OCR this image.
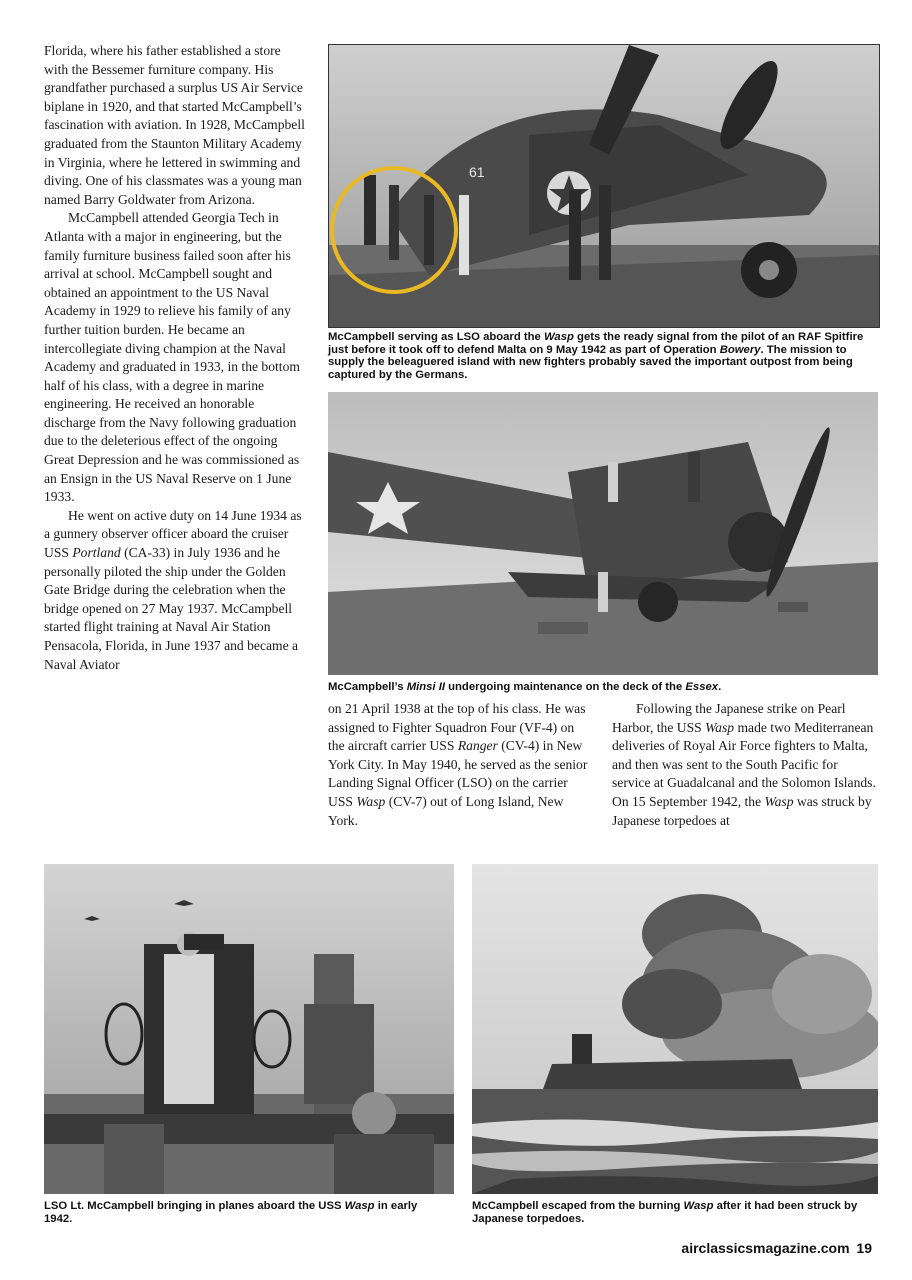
Florida, where his father established a store with the Bessemer furniture company. His grandfather purchased a surplus US Air Service biplane in 1920, and that started McCampbell’s fascination with aviation. In 1928, McCampbell graduated from the Staunton Military Academy in Virginia, where he lettered in swimming and diving. One of his classmates was a young man named Barry Goldwater from Arizona.

McCampbell attended Georgia Tech in Atlanta with a major in engineering, but the family furniture business failed soon after his arrival at school. McCampbell sought and obtained an appointment to the US Naval Academy in 1929 to relieve his family of any further tuition burden. He became an intercollegiate diving champion at the Naval Academy and graduated in 1933, in the bottom half of his class, with a degree in marine engineering. He received an honorable discharge from the Navy following graduation due to the deleterious effect of the ongoing Great Depression and he was commissioned as an Ensign in the US Naval Reserve on 1 June 1933.

He went on active duty on 14 June 1934 as a gunnery observer officer aboard the cruiser USS Portland (CA-33) in July 1936 and he personally piloted the ship under the Golden Gate Bridge during the celebration when the bridge opened on 27 May 1937. McCampbell started flight training at Naval Air Station Pensacola, Florida, in June 1937 and became a Naval Aviator

61
McCampbell serving as LSO aboard the Wasp gets the ready signal from the pilot of an RAF Spitfire just before it took off to defend Malta on 9 May 1942 as part of Operation Bowery. The mission to supply the beleaguered island with new fighters probably saved the important outpost from being captured by the Germans.
McCampbell’s Minsi II undergoing maintenance on the deck of the Essex.

on 21 April 1938 at the top of his class. He was assigned to Fighter Squadron Four (VF-4) on the aircraft carrier USS Ranger (CV-4) in New York City. In May 1940, he served as the senior Landing Signal Officer (LSO) on the carrier USS Wasp (CV-7) out of Long Island, New York.

Following the Japanese strike on Pearl Harbor, the USS Wasp made two Mediterranean deliveries of Royal Air Force fighters to Malta, and then was sent to the South Pacific for service at Guadalcanal and the Solomon Islands. On 15 September 1942, the Wasp was struck by Japanese torpedoes at

LSO Lt. McCampbell bringing in planes aboard the USS Wasp in early 1942.
McCampbell escaped from the burning Wasp after it had been struck by Japanese torpedoes.
airclassicsmagazine.com 19
